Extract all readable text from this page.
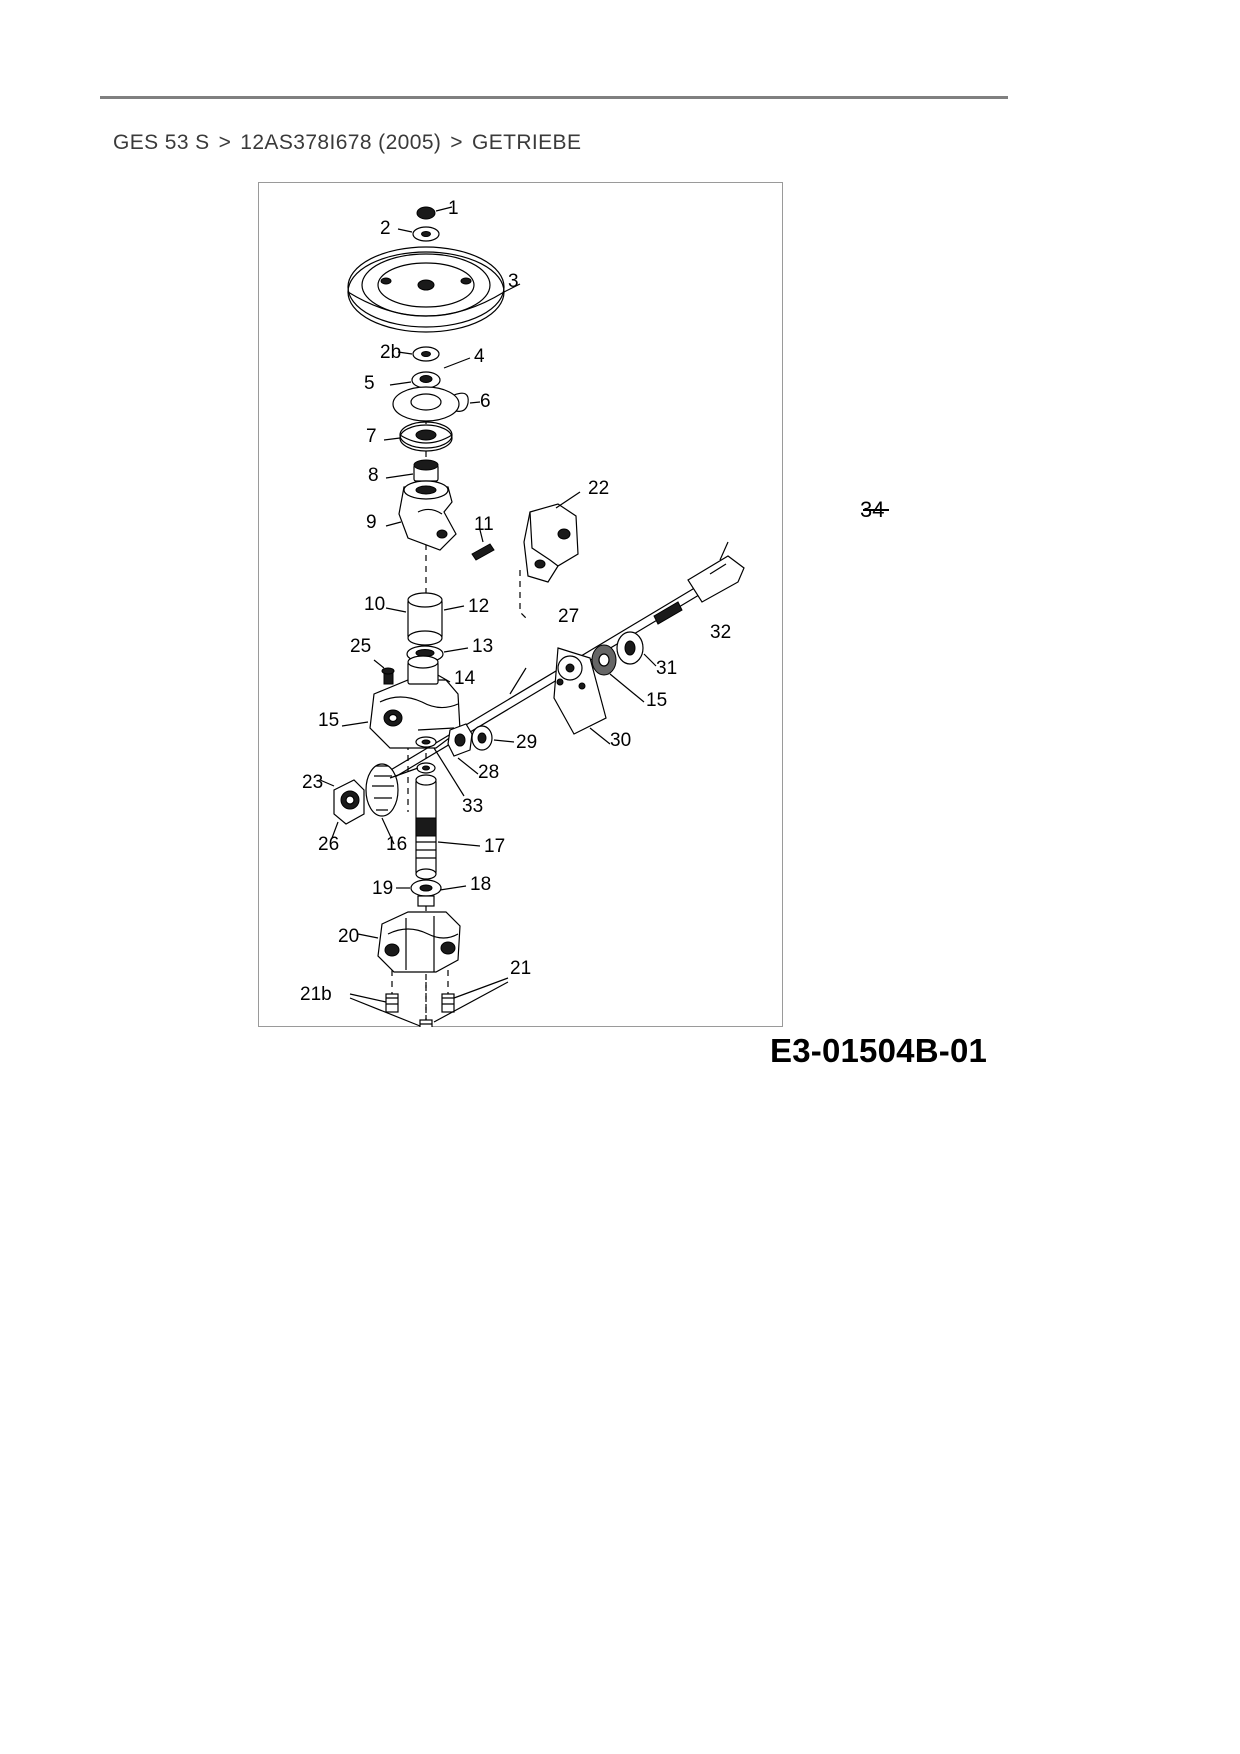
GES 53 S > 12AS378I678 (2005) > GETRIEBE
1
2
3
2b	4
5
6
7
8
9	11
22
10	12
13
14
25
15
27
32
31
15
30
29
28
33
23
26 16	17
19	18
20
21
21b
34
E3-01504B-01
